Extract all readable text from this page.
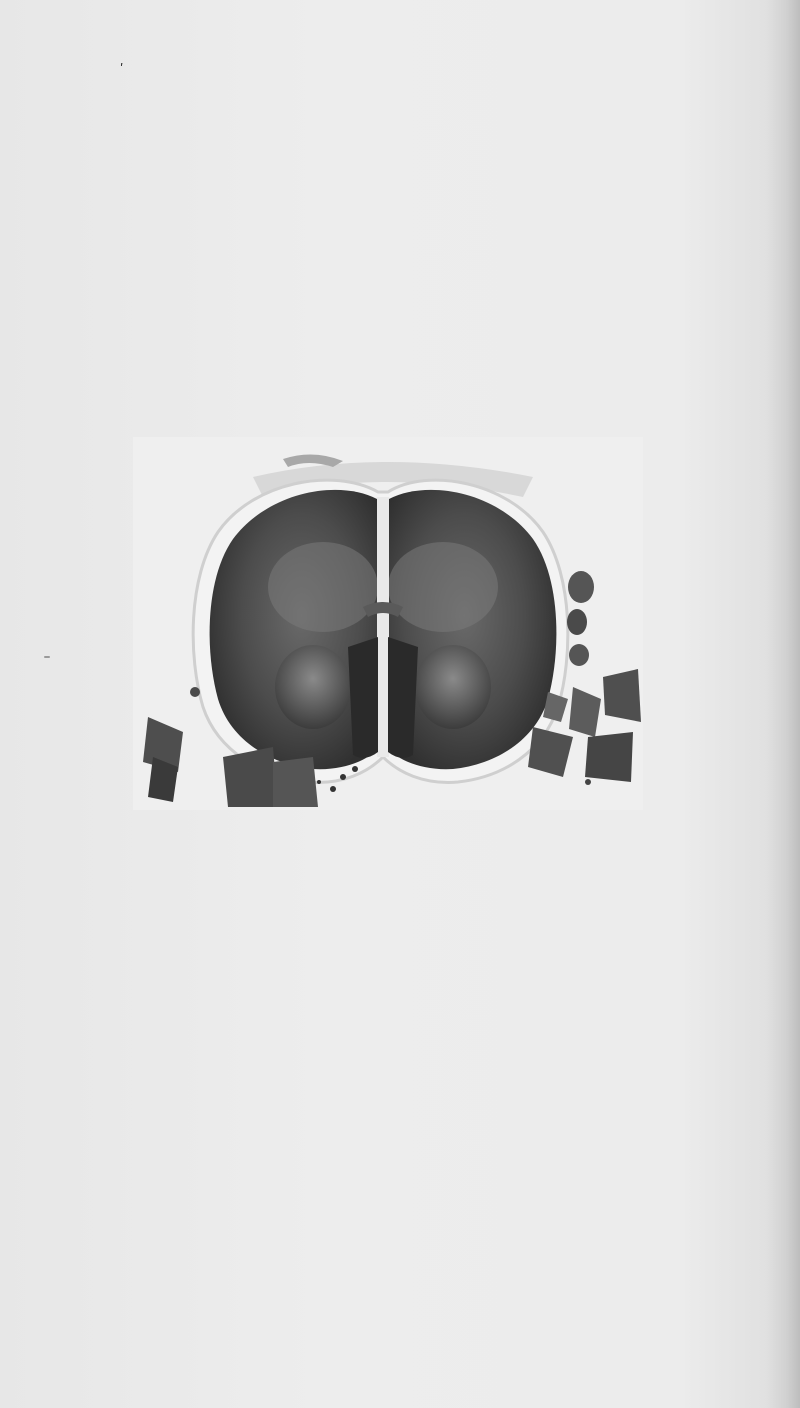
ʹ
